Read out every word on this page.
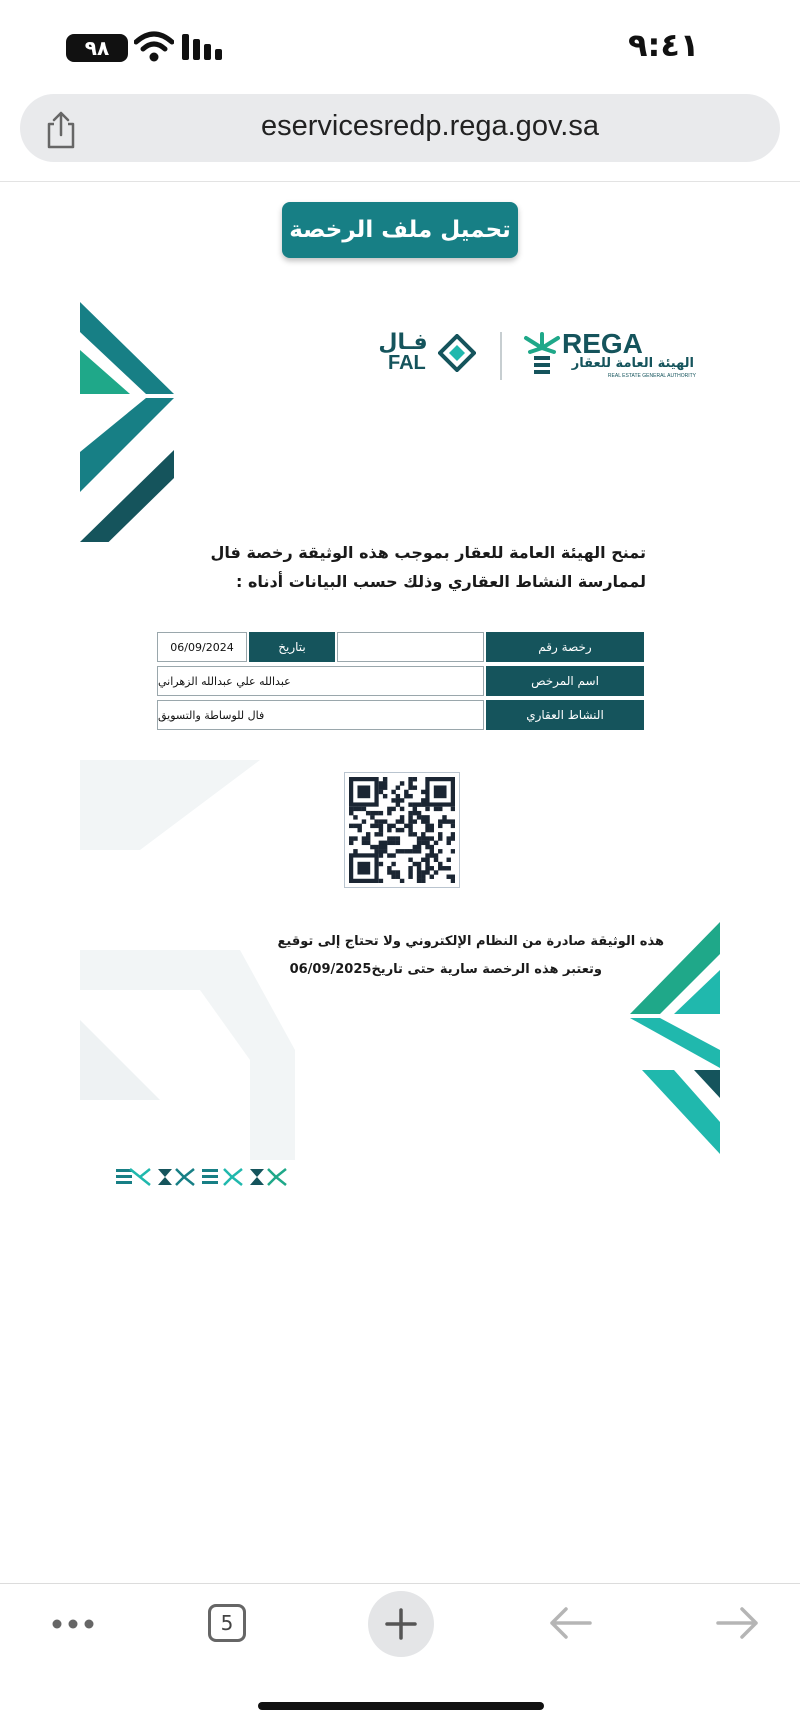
٩٨	٩:٤١
eservicesredp.rega.gov.sa
تحميل ملف الرخصة
فـال
FAL
REGA
الهيئة العامة للعقار
REAL ESTATE GENERAL AUTHORITY
تمنح الهيئة العامة للعقار بموجب هذه الوثيقة رخصة فال لممارسة النشاط العقاري وذلك حسب البيانات أدناه :
رخصة رقم
بتاريخ
06/09/2024
اسم المرخص
عبدالله علي عبدالله الزهراني
النشاط العقاري
فال للوساطة والتسويق
هذه الوثيقة صادرة من النظام الإلكتروني ولا تحتاج إلى توقيع
وتعتبر هذه الرخصة سارية حتى تاريخ06/09/2025
5
